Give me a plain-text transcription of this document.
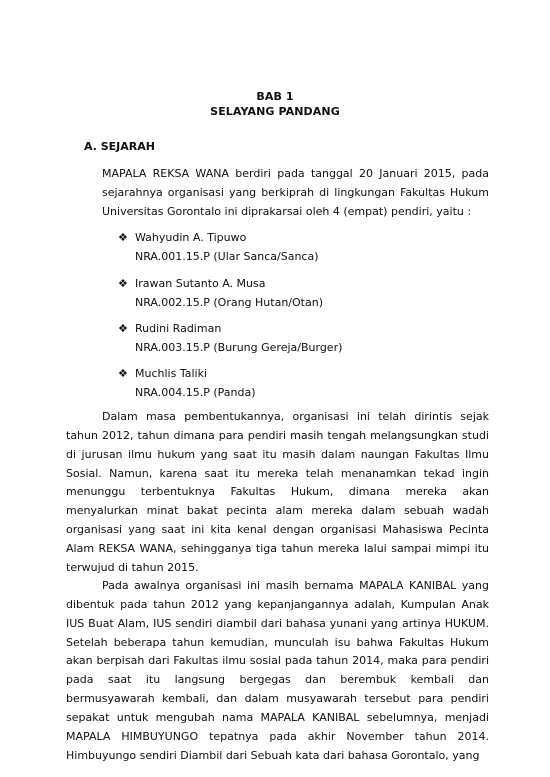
BAB 1
SELAYANG PANDANG
A. SEJARAH
MAPALA REKSA WANA berdiri pada tanggal 20 Januari 2015, pada sejarahnya organisasi yang berkiprah di lingkungan Fakultas Hukum Universitas Gorontalo ini diprakarsai oleh 4 (empat) pendiri, yaitu :
❖ Wahyudin A. Tipuwo
NRA.001.15.P (Ular Sanca/Sanca)
❖ Irawan Sutanto A. Musa
NRA.002.15.P (Orang Hutan/Otan)
❖ Rudini Radiman
NRA.003.15.P (Burung Gereja/Burger)
❖ Muchlis Taliki
NRA.004.15.P (Panda)
Dalam masa pembentukannya, organisasi ini telah dirintis sejak tahun 2012, tahun dimana para pendiri masih tengah melangsungkan studi di jurusan ilmu hukum yang saat itu masih dalam naungan Fakultas Ilmu Sosial. Namun, karena saat itu mereka telah menanamkan tekad ingin menunggu terbentuknya Fakultas Hukum, dimana mereka akan menyalurkan minat bakat pecinta alam mereka dalam sebuah wadah organisasi yang saat ini kita kenal dengan organisasi Mahasiswa Pecinta Alam REKSA WANA, sehingganya tiga tahun mereka lalui sampai mimpi itu terwujud di tahun 2015.
Pada awalnya organisasi ini masih bernama MAPALA KANIBAL yang dibentuk pada tahun 2012 yang kepanjangannya adalah, Kumpulan Anak IUS Buat Alam, IUS sendiri diambil dari bahasa yunani yang artinya HUKUM. Setelah beberapa tahun kemudian, munculah isu bahwa Fakultas Hukum akan berpisah dari Fakultas ilmu sosial pada tahun 2014, maka para pendiri pada saat itu langsung bergegas dan berembuk kembali dan bermusyawarah kembali, dan dalam musyawarah tersebut para pendiri sepakat untuk mengubah nama MAPALA KANIBAL sebelumnya, menjadi MAPALA HIMBUYUNGO tepatnya pada akhir November tahun 2014. Himbuyungo sendiri Diambil dari Sebuah kata dari bahasa Gorontalo, yang
